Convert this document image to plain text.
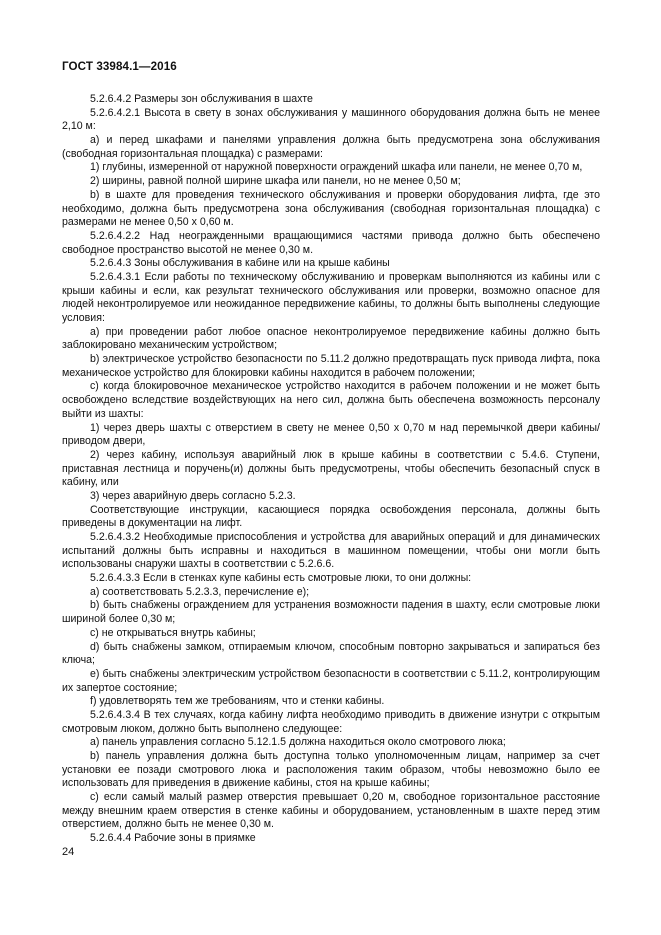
ГОСТ 33984.1—2016

5.2.6.4.2 Размеры зон обслуживания в шахте

5.2.6.4.2.1 Высота в свету в зонах обслуживания у машинного оборудования должна быть не менее 2,10 м:

а) и перед шкафами и панелями управления должна быть предусмотрена зона обслуживания (свободная горизонтальная площадка) с размерами:

1) глубины, измеренной от наружной поверхности ограждений шкафа или панели, не менее 0,70 м,

2) ширины, равной полной ширине шкафа или панели, но не менее 0,50 м;

b) в шахте для проведения технического обслуживания и проверки оборудования лифта, где это необходимо, должна быть предусмотрена зона обслуживания (свободная горизонтальная площадка) с размерами не менее 0,50 х 0,60 м.

5.2.6.4.2.2 Над неогражденными вращающимися частями привода должно быть обеспечено свободное пространство высотой не менее 0,30 м.

5.2.6.4.3 Зоны обслуживания в кабине или на крыше кабины

5.2.6.4.3.1 Если работы по техническому обслуживанию и проверкам выполняются из кабины или с крыши кабины и если, как результат технического обслуживания или проверки, возможно опасное для людей неконтролируемое или неожиданное передвижение кабины, то должны быть выполнены следующие условия:

а) при проведении работ любое опасное неконтролируемое передвижение кабины должно быть заблокировано механическим устройством;

b) электрическое устройство безопасности по 5.11.2 должно предотвращать пуск привода лифта, пока механическое устройство для блокировки кабины находится в рабочем положении;

с) когда блокировочное механическое устройство находится в рабочем положении и не может быть освобождено вследствие воздействующих на него сил, должна быть обеспечена возможность персоналу выйти из шахты:

1) через дверь шахты с отверстием в свету не менее 0,50 х 0,70 м над перемычкой двери кабины/приводом двери,

2) через кабину, используя аварийный люк в крыше кабины в соответствии с 5.4.6. Ступени, приставная лестница и поручень(и) должны быть предусмотрены, чтобы обеспечить безопасный спуск в кабину, или

3) через аварийную дверь согласно 5.2.3.

Соответствующие инструкции, касающиеся порядка освобождения персонала, должны быть приведены в документации на лифт.

5.2.6.4.3.2 Необходимые приспособления и устройства для аварийных операций и для динамических испытаний должны быть исправны и находиться в машинном помещении, чтобы они могли быть использованы снаружи шахты в соответствии с 5.2.6.6.

5.2.6.4.3.3 Если в стенках купе кабины есть смотровые люки, то они должны:

а) соответствовать 5.2.3.3, перечисление e);

b) быть снабжены ограждением для устранения возможности падения в шахту, если смотровые люки шириной более 0,30 м;

с) не открываться внутрь кабины;

d) быть снабжены замком, отпираемым ключом, способным повторно закрываться и запираться без ключа;

е) быть снабжены электрическим устройством безопасности в соответствии с 5.11.2, контролирующим их запертое состояние;

f) удовлетворять тем же требованиям, что и стенки кабины.

5.2.6.4.3.4 В тех случаях, когда кабину лифта необходимо приводить в движение изнутри с открытым смотровым люком, должно быть выполнено следующее:

а) панель управления согласно 5.12.1.5 должна находиться около смотрового люка;

b) панель управления должна быть доступна только уполномоченным лицам, например за счет установки ее позади смотрового люка и расположения таким образом, чтобы невозможно было ее использовать для приведения в движение кабины, стоя на крыше кабины;

с) если самый малый размер отверстия превышает 0,20 м, свободное горизонтальное расстояние между внешним краем отверстия в стенке кабины и оборудованием, установленным в шахте перед этим отверстием, должно быть не менее 0,30 м.

5.2.6.4.4 Рабочие зоны в приямке

24
